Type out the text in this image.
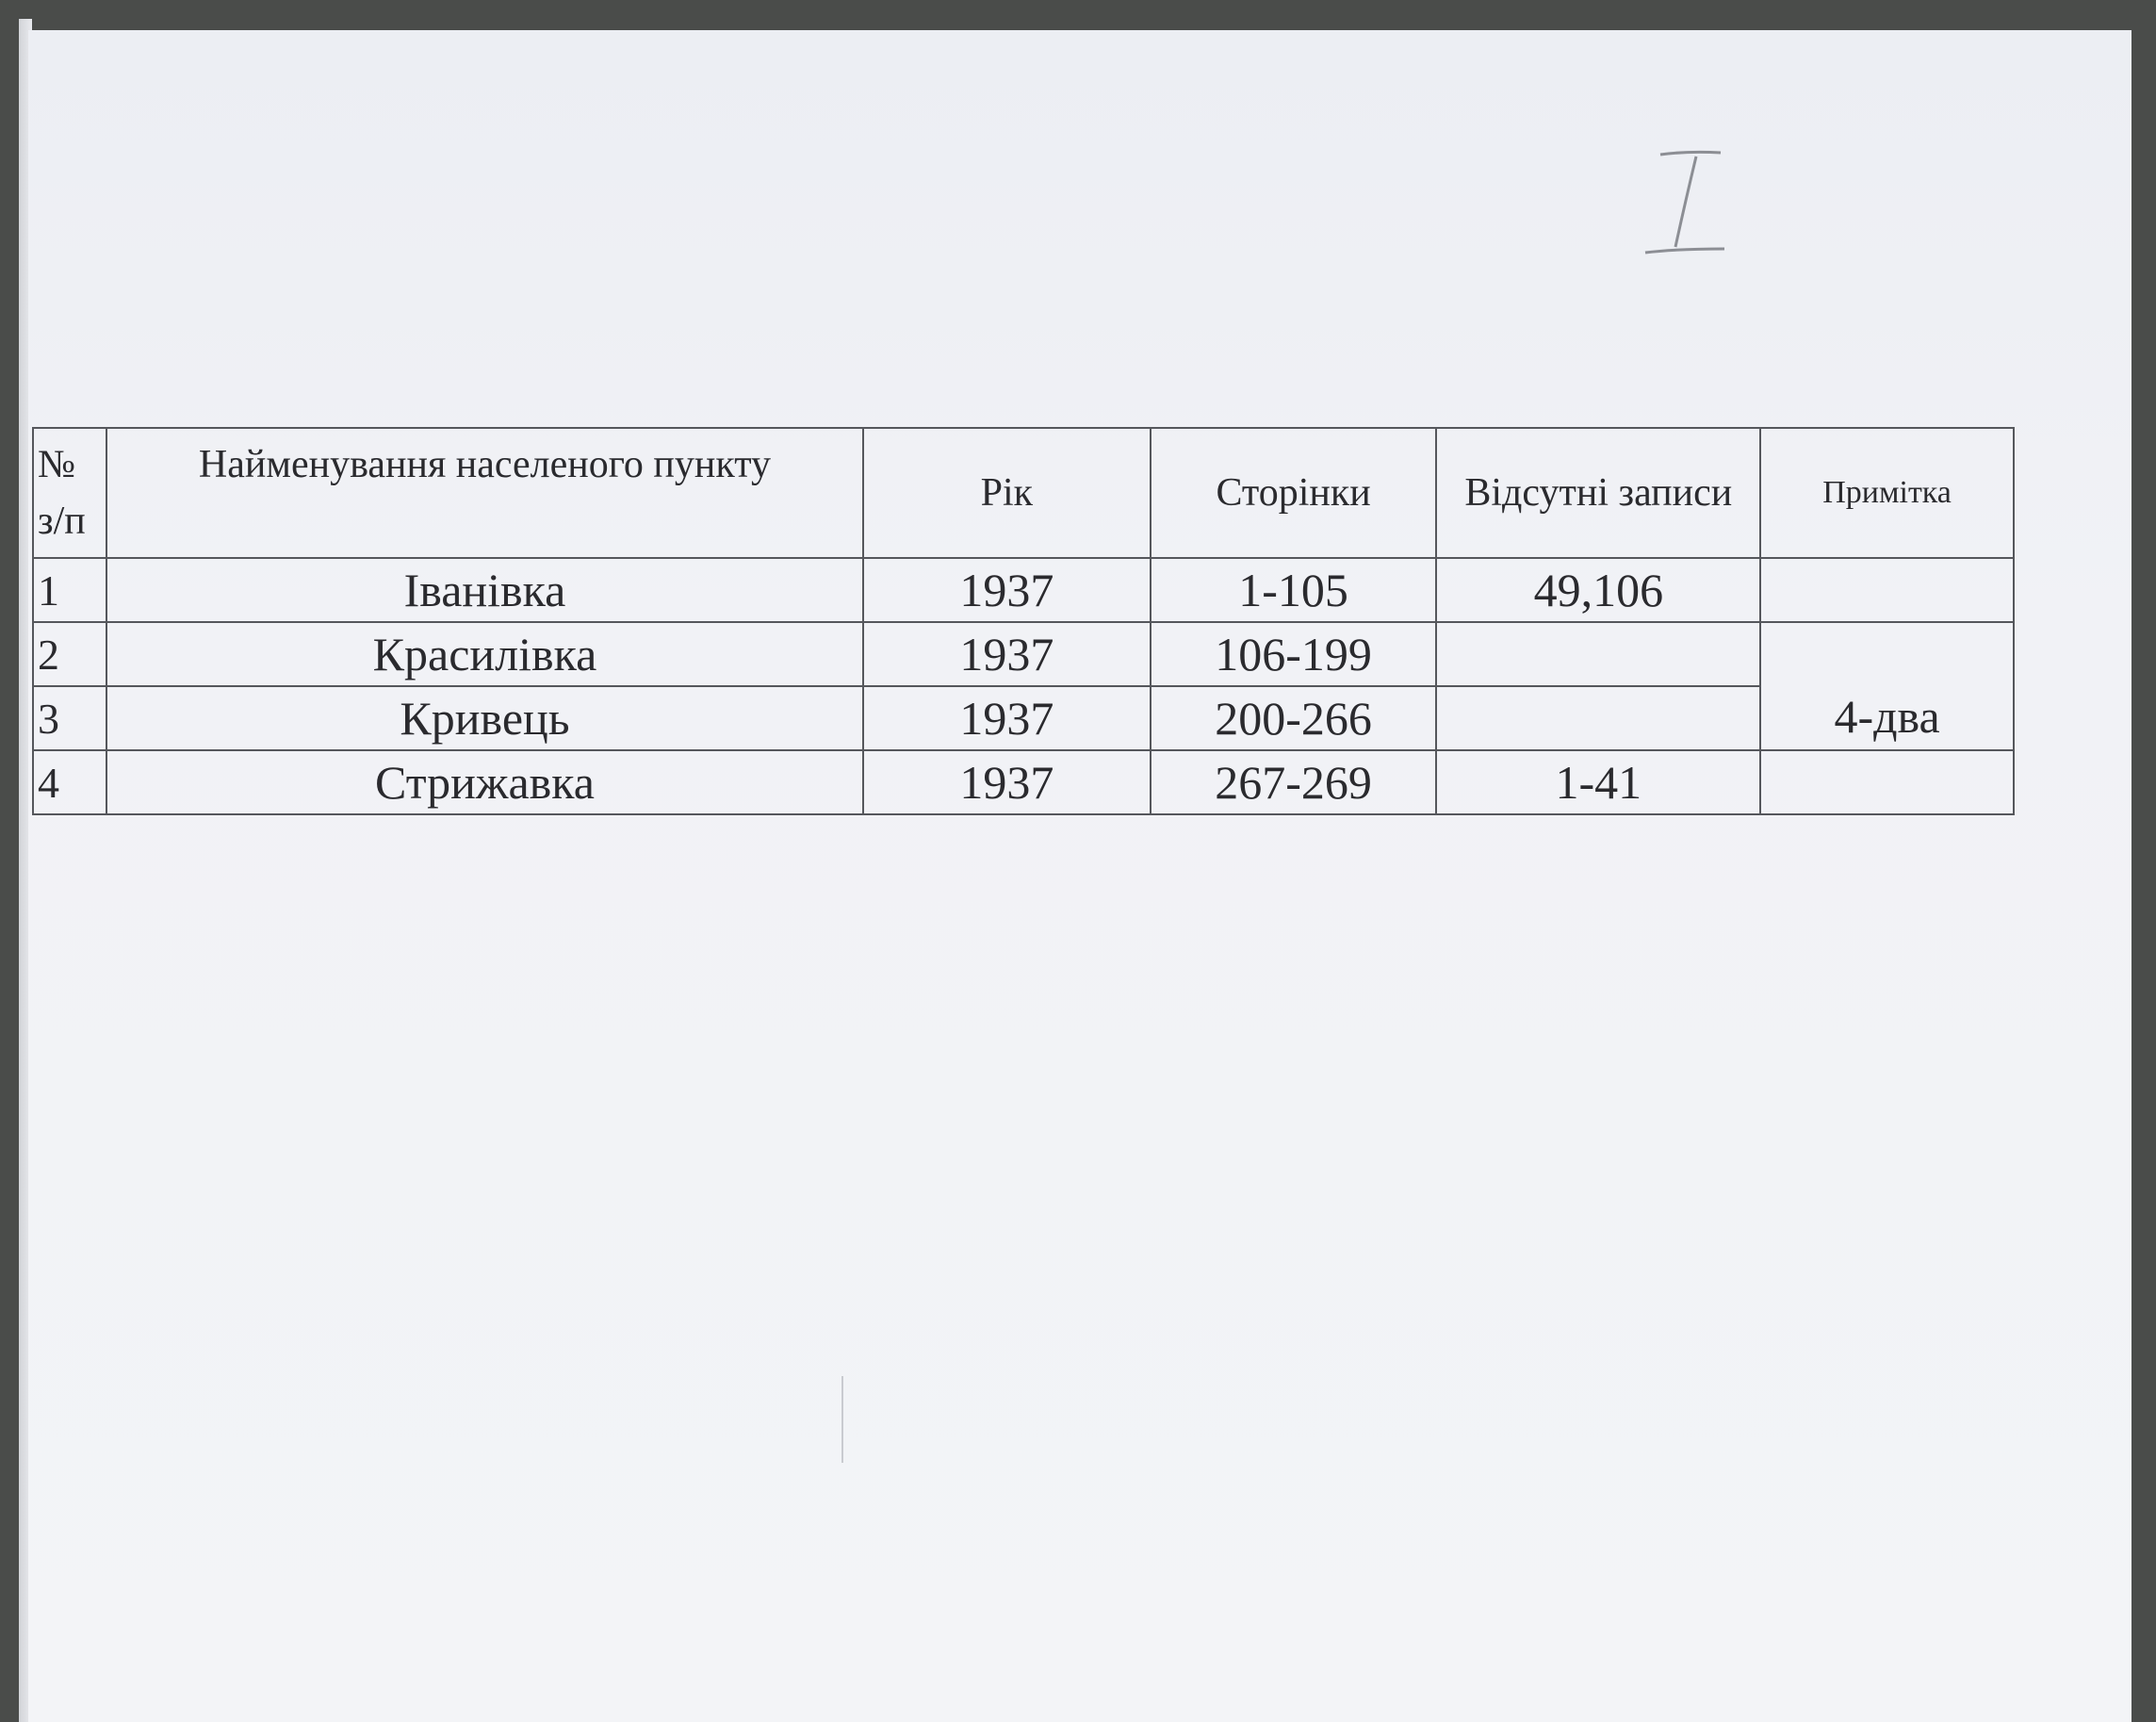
№ з/п	Найменування населеного пункту	Рік	Сторінки	Відсутні записи	Примітка
1	Іванівка	1937	1-105	49,106	
2	Красилівка	1937	106-199		4-два
3	Кривець	1937	200-266		
4	Стрижавка	1937	267-269	1-41	
